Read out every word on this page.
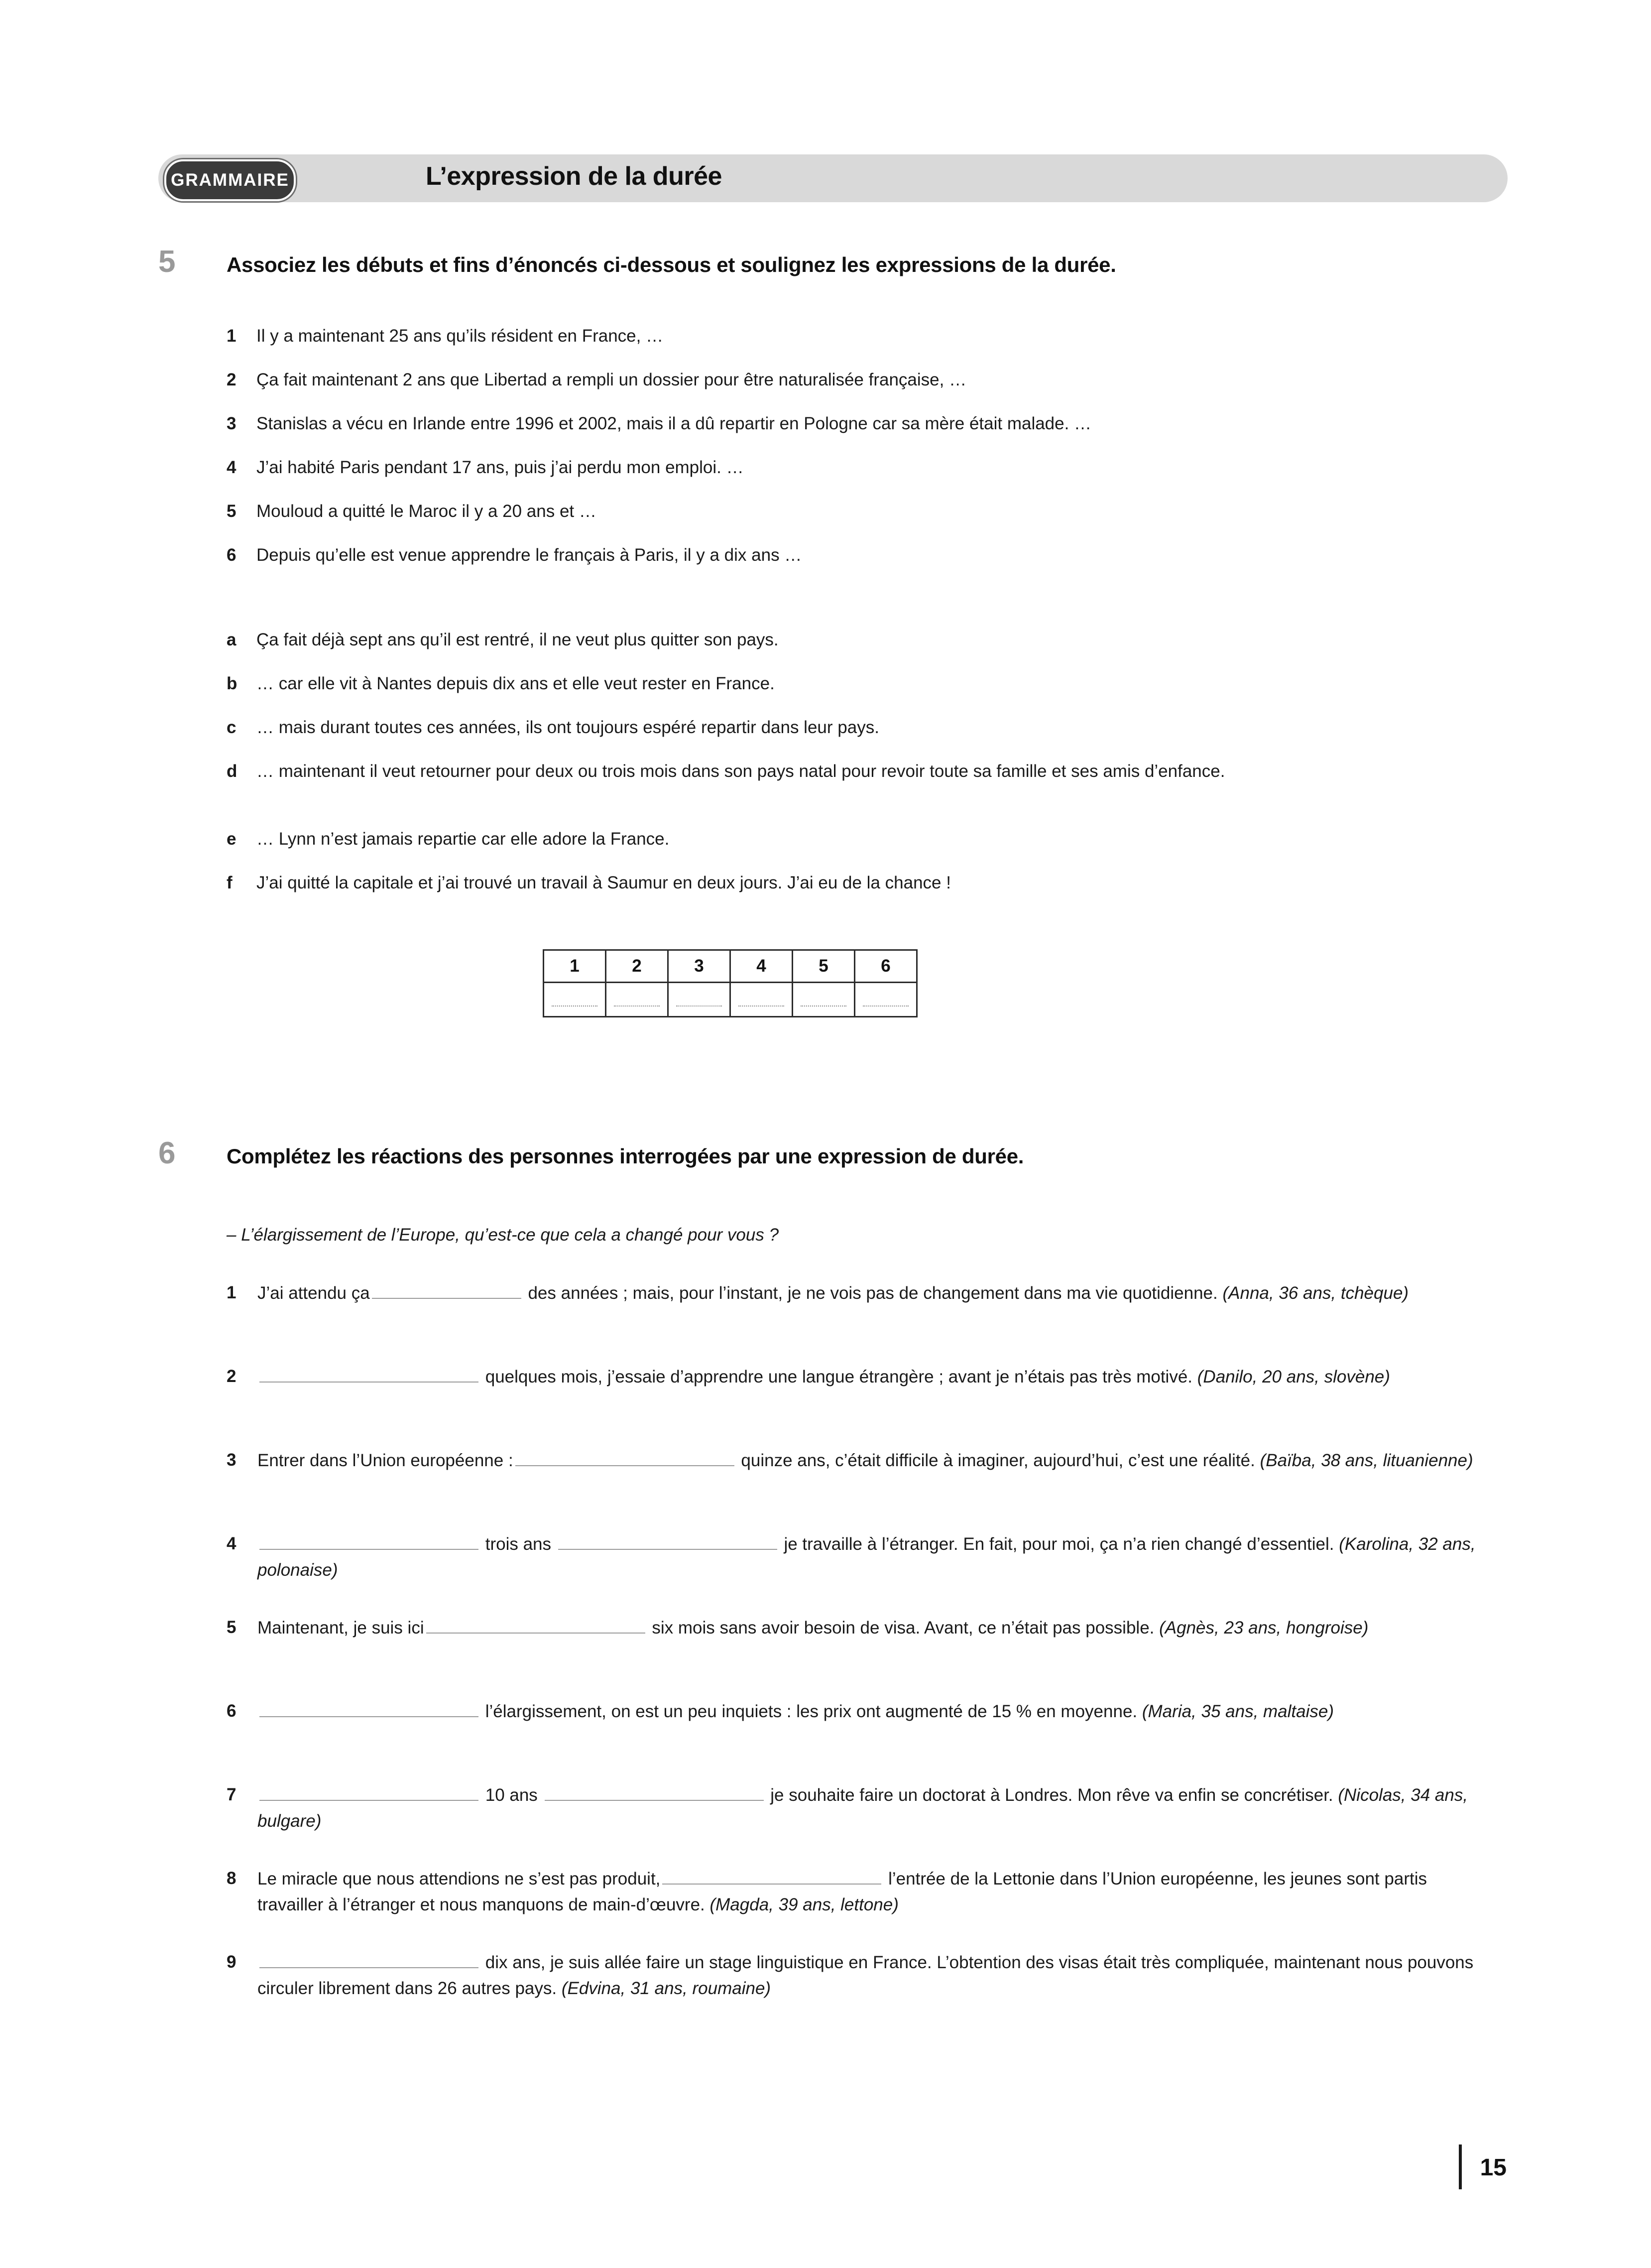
GRAMMAIRE	L’expression de la durée
5 Associez les débuts et fins d’énoncés ci-dessous et soulignez les expressions de la durée.
1	Il y a maintenant 25 ans qu’ils résident en France, …
2	Ça fait maintenant 2 ans que Libertad a rempli un dossier pour être naturalisée française, …
3	Stanislas a vécu en Irlande entre 1996 et 2002, mais il a dû repartir en Pologne car sa mère était malade. …
4	J’ai habité Paris pendant 17 ans, puis j’ai perdu mon emploi. …
5	Mouloud a quitté le Maroc il y a 20 ans et …
6	Depuis qu’elle est venue apprendre le français à Paris, il y a dix ans …
a	Ça fait déjà sept ans qu’il est rentré, il ne veut plus quitter son pays.
b	… car elle vit à Nantes depuis dix ans et elle veut rester en France.
c	… mais durant toutes ces années, ils ont toujours espéré repartir dans leur pays.
d	… maintenant il veut retourner pour deux ou trois mois dans son pays natal pour revoir toute sa famille et ses amis d’enfance.
e	… Lynn n’est jamais repartie car elle adore la France.
f	J’ai quitté la capitale et j’ai trouvé un travail à Saumur en deux jours. J’ai eu de la chance !
1	2	3	4	5	6

6 Complétez les réactions des personnes interrogées par une expression de durée.
– L’élargissement de l’Europe, qu’est-ce que cela a changé pour vous ?
1	J’ai attendu ça	des années ; mais, pour l’instant, je ne vois pas de changement dans ma vie quotidienne. (Anna, 36 ans, tchèque)
2	quelques mois, j’essaie d’apprendre une langue étrangère ; avant je n’étais pas très motivé. (Danilo, 20 ans, slovène)
3	Entrer dans l’Union européenne :	quinze ans, c’était difficile à imaginer, aujourd’hui, c’est une réalité. (Baïba, 38 ans, lituanienne)
4	trois ans	je travaille à l’étranger. En fait, pour moi, ça n’a rien changé d’essentiel. (Karolina, 32 ans, polonaise)
5	Maintenant, je suis ici	six mois sans avoir besoin de visa. Avant, ce n’était pas possible. (Agnès, 23 ans, hongroise)
6	l’élargissement, on est un peu inquiets : les prix ont augmenté de 15 % en moyenne. (Maria, 35 ans, maltaise)
7	10 ans	je souhaite faire un doctorat à Londres. Mon rêve va enfin se concrétiser. (Nicolas, 34 ans, bulgare)
8	Le miracle que nous attendions ne s’est pas produit,	l’entrée de la Lettonie dans l’Union européenne, les jeunes sont partis travailler à l’étranger et nous manquons de main-d’œuvre. (Magda, 39 ans, lettone)
9	dix ans, je suis allée faire un stage linguistique en France. L’obtention des visas était très compliquée, maintenant nous pouvons circuler librement dans 26 autres pays. (Edvina, 31 ans, roumaine)
15
